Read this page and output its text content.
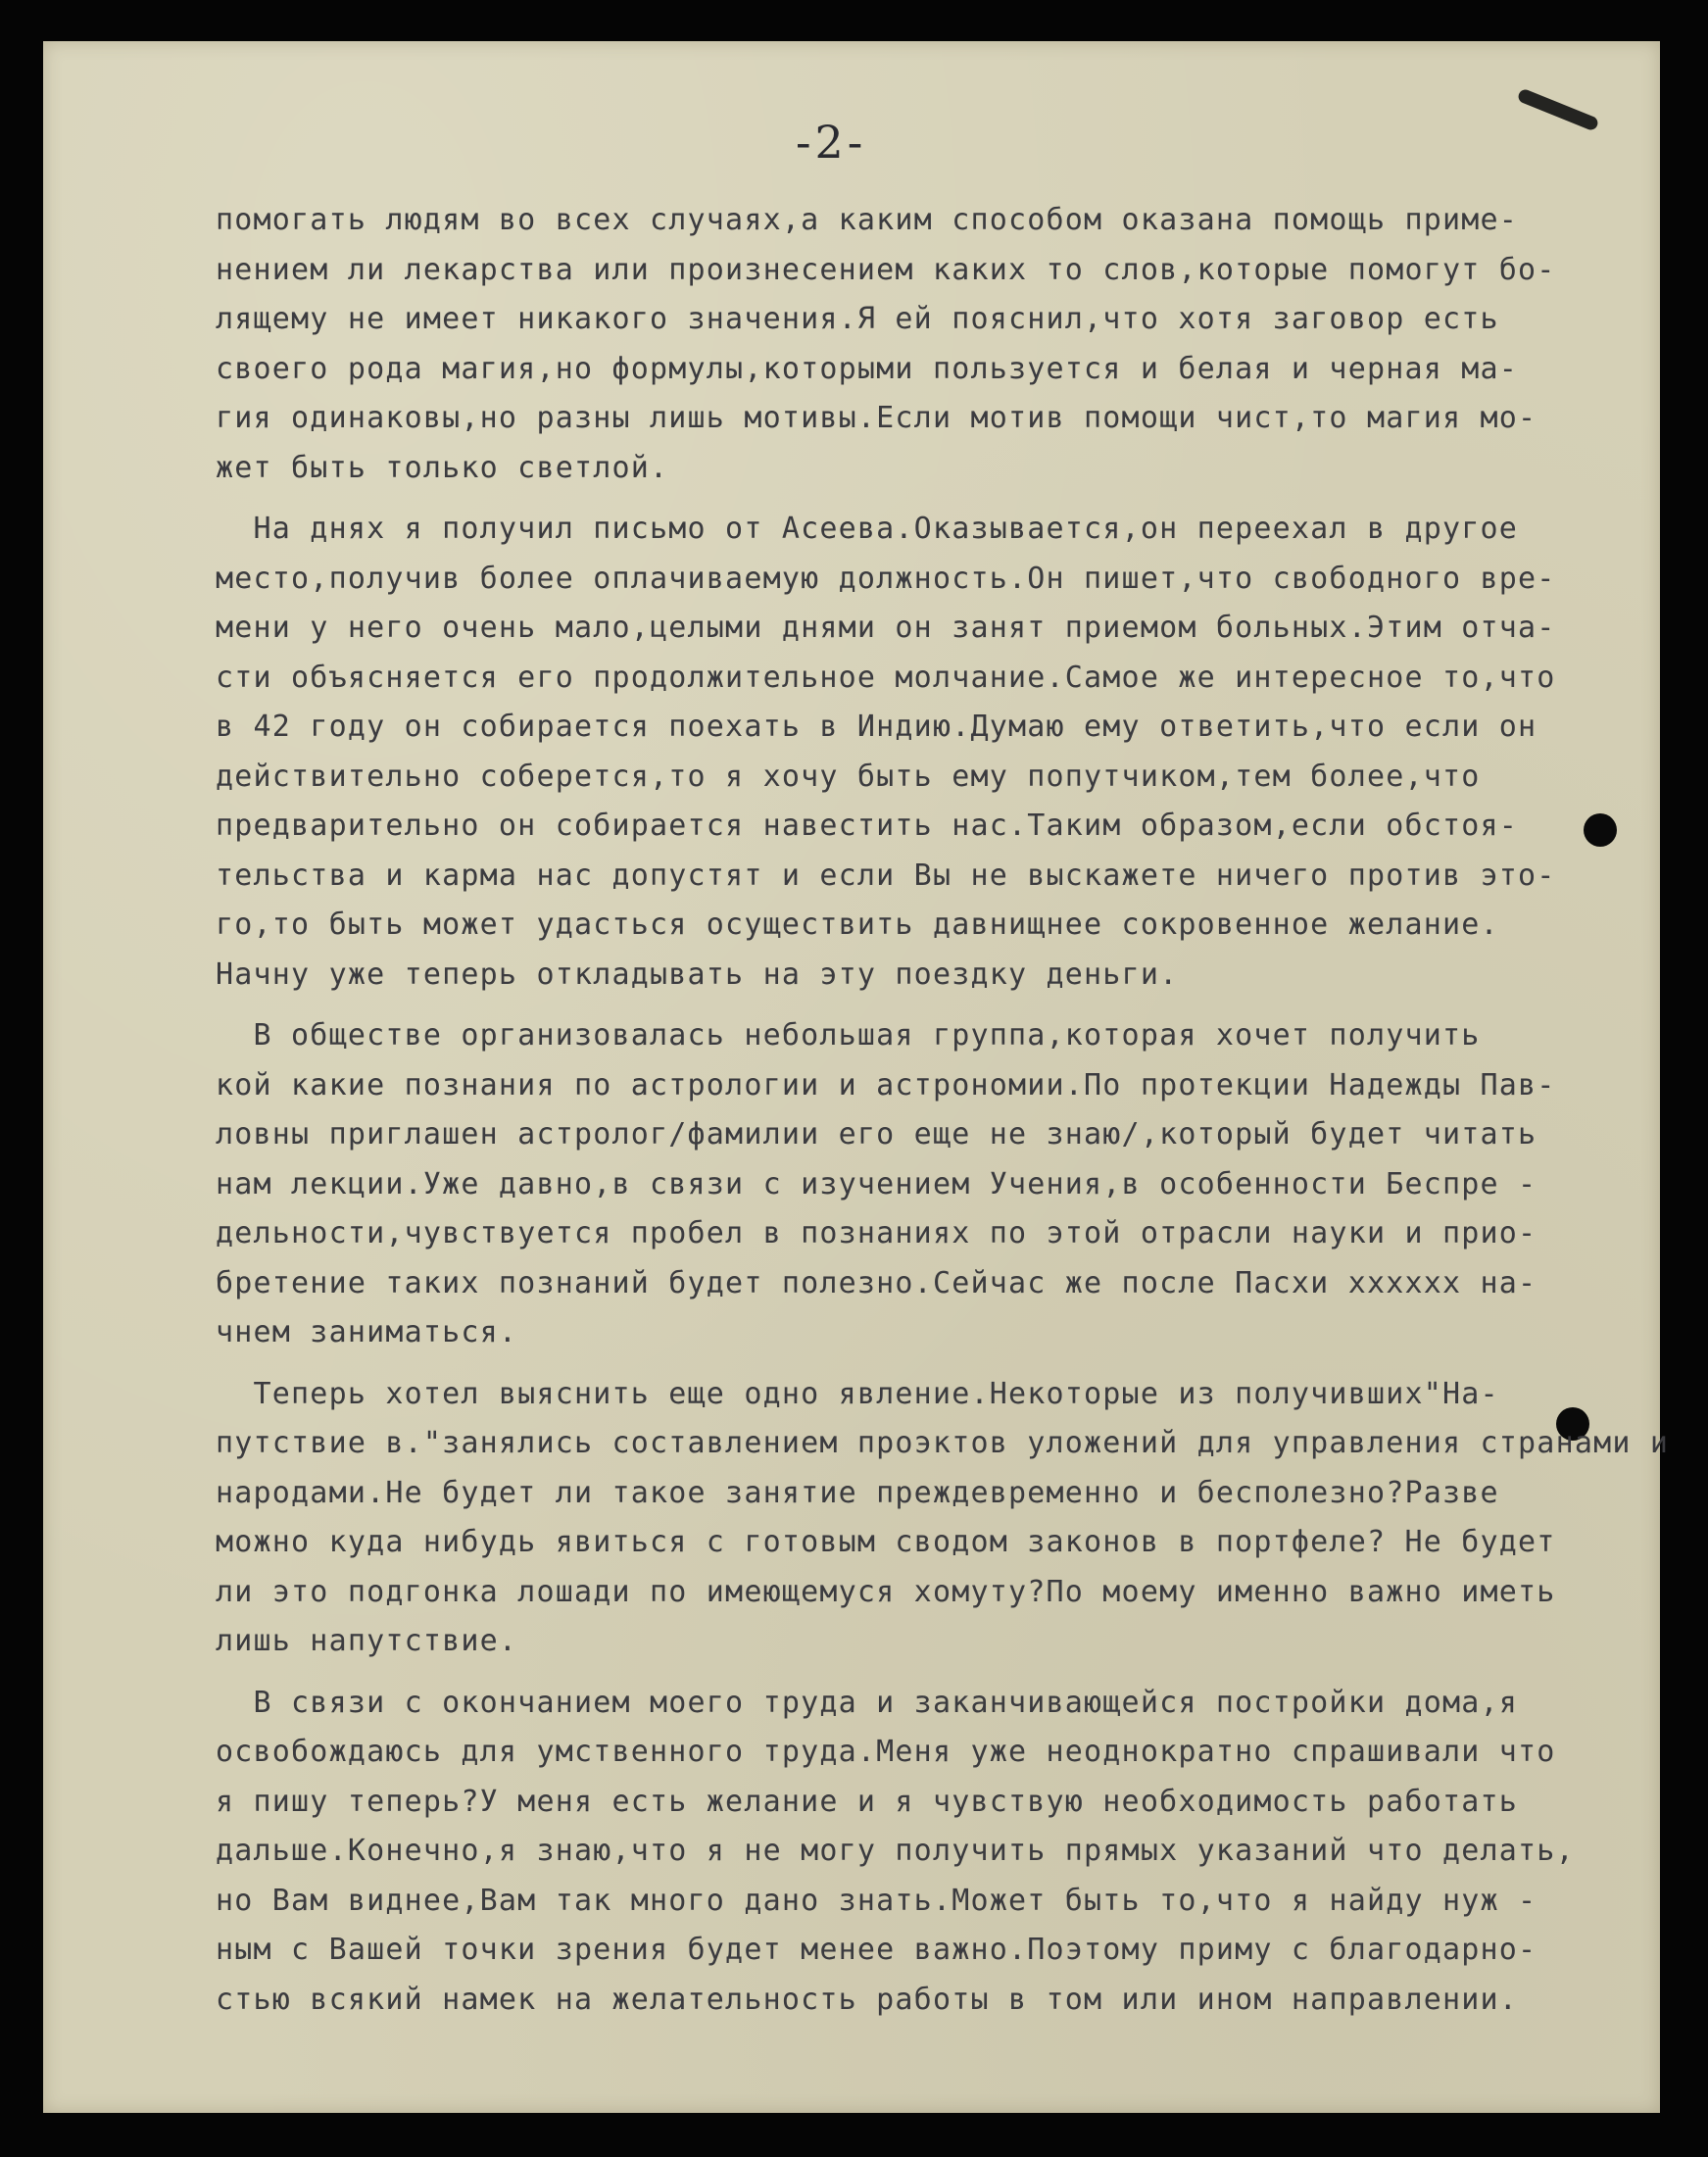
-2-
помогать людям во всех случаях,а каким способом оказана помощь приме-
нением ли лекарства или произнесением каких то слов,которые помогут бо-
лящему не имеет никакого значения.Я ей пояснил,что хотя заговор есть
своего рода магия,но формулы,которыми пользуется и белая и черная ма-
гия одинаковы,но разны лишь мотивы.Если мотив помощи чист,то магия мо-
жет быть только светлой.
На днях я получил письмо от Асеева.Оказывается,он переехал в другое
место,получив более оплачиваемую должность.Он пишет,что свободного вре-
мени у него очень мало,целыми днями он занят приемом больных.Этим отча-
сти объясняется его продолжительное молчание.Самое же интересное то,что
в 42 году он собирается поехать в Индию.Думаю ему ответить,что если он
действительно соберется,то я хочу быть ему попутчиком,тем более,что
предварительно он собирается навестить нас.Таким образом,если обстоя-
тельства и карма нас допустят и если Вы не выскажете ничего против это-
го,то быть может удасться осуществить давнищнее сокровенное желание.
Начну уже теперь откладывать на эту поездку деньги.
В обществе организовалась небольшая группа,которая хочет получить
кой какие познания по астрологии и астрономии.По протекции Надежды Пав-
ловны приглашен астролог/фамилии его еще не знаю/,который будет читать
нам лекции.Уже давно,в связи с изучением Учения,в особенности Беспре -
дельности,чувствуется пробел в познаниях по этой отрасли науки и прио-
бретение таких познаний будет полезно.Сейчас же после Пасхи хххххх на-
чнем заниматься.
Теперь хотел выяснить еще одно явление.Некоторые из получивших"На-
путствие в."занялись составлением проэктов уложений для управления странами и
народами.Не будет ли такое занятие преждевременно и бесполезно?Разве
можно куда нибудь явиться с готовым сводом законов в портфеле? Не будет
ли это подгонка лошади по имеющемуся хомуту?По моему именно важно иметь
лишь напутствие.
В связи с окончанием моего труда и заканчивающейся постройки дома,я
освобождаюсь для умственного труда.Меня уже неоднократно спрашивали что
я пишу теперь?У меня есть желание и я чувствую необходимость работать
дальше.Конечно,я знаю,что я не могу получить прямых указаний что делать,
но Вам виднее,Вам так много дано знать.Может быть то,что я найду нуж -
ным с Вашей точки зрения будет менее важно.Поэтому приму с благодарно-
стью всякий намек на желательность работы в том или ином направлении.
